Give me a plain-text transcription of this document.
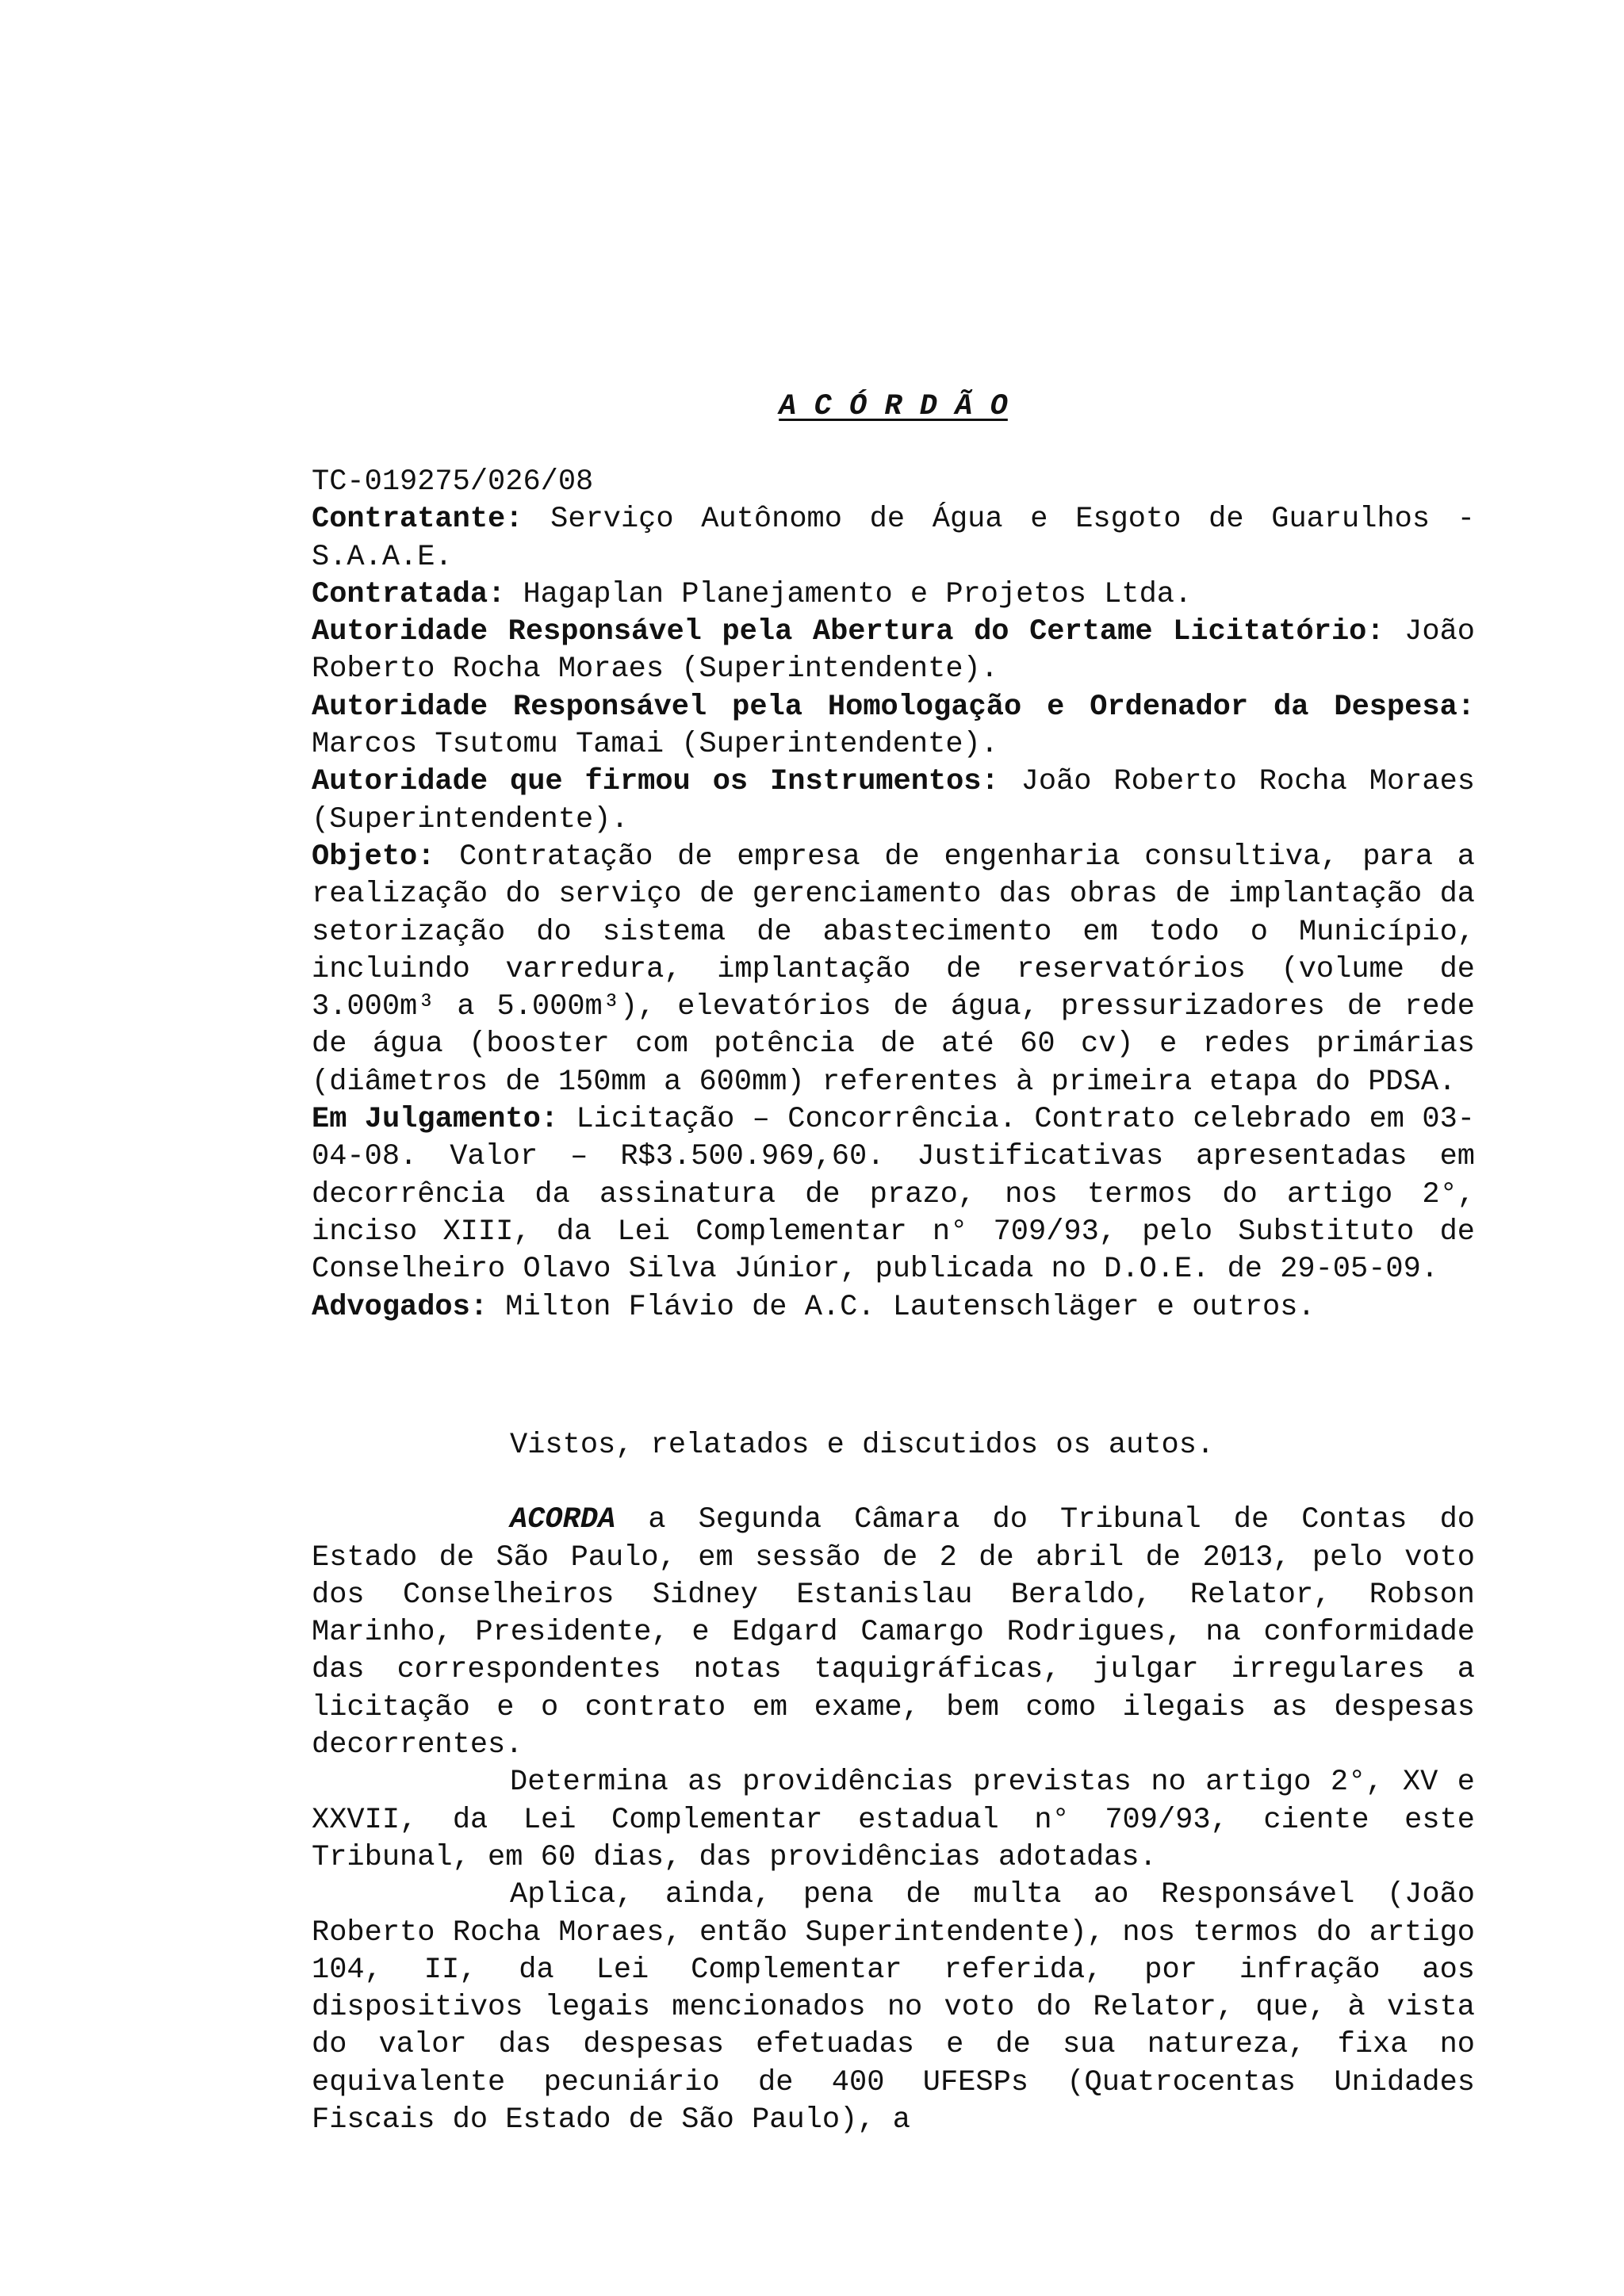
A C Ó R D Ã O

TC-019275/026/08

Contratante: Serviço Autônomo de Água e Esgoto de Guarulhos - S.A.A.E.

Contratada: Hagaplan Planejamento e Projetos Ltda.

Autoridade Responsável pela Abertura do Certame Licitatório: João Roberto Rocha Moraes (Superintendente).

Autoridade Responsável pela Homologação e Ordenador da Despesa: Marcos Tsutomu Tamai (Superintendente).

Autoridade que firmou os Instrumentos: João Roberto Rocha Moraes (Superintendente).

Objeto: Contratação de empresa de engenharia consultiva, para a realização do serviço de gerenciamento das obras de implantação da setorização do sistema de abastecimento em todo o Município, incluindo varredura, implantação de reservatórios (volume de 3.000m³ a 5.000m³), elevatórios de água, pressurizadores de rede de água (booster com potência de até 60 cv) e redes primárias (diâmetros de 150mm a 600mm) referentes à primeira etapa do PDSA.

Em Julgamento: Licitação – Concorrência. Contrato celebrado em 03-04-08. Valor – R$3.500.969,60. Justificativas apresentadas em decorrência da assinatura de prazo, nos termos do artigo 2°, inciso XIII, da Lei Complementar n° 709/93, pelo Substituto de Conselheiro Olavo Silva Júnior, publicada no D.O.E. de 29-05-09.

Advogados: Milton Flávio de A.C. Lautenschläger e outros.

Vistos, relatados e discutidos os autos.

ACORDA a Segunda Câmara do Tribunal de Contas do Estado de São Paulo, em sessão de 2 de abril de 2013, pelo voto dos Conselheiros Sidney Estanislau Beraldo, Relator, Robson Marinho, Presidente, e Edgard Camargo Rodrigues, na conformidade das correspondentes notas taquigráficas, julgar irregulares a licitação e o contrato em exame, bem como ilegais as despesas decorrentes.

Determina as providências previstas no artigo 2°, XV e XXVII, da Lei Complementar estadual n° 709/93, ciente este Tribunal, em 60 dias, das providências adotadas.

Aplica, ainda, pena de multa ao Responsável (João Roberto Rocha Moraes, então Superintendente), nos termos do artigo 104, II, da Lei Complementar referida, por infração aos dispositivos legais mencionados no voto do Relator, que, à vista do valor das despesas efetuadas e de sua natureza, fixa no equivalente pecuniário de 400 UFESPs (Quatrocentas Unidades Fiscais do Estado de São Paulo), a
